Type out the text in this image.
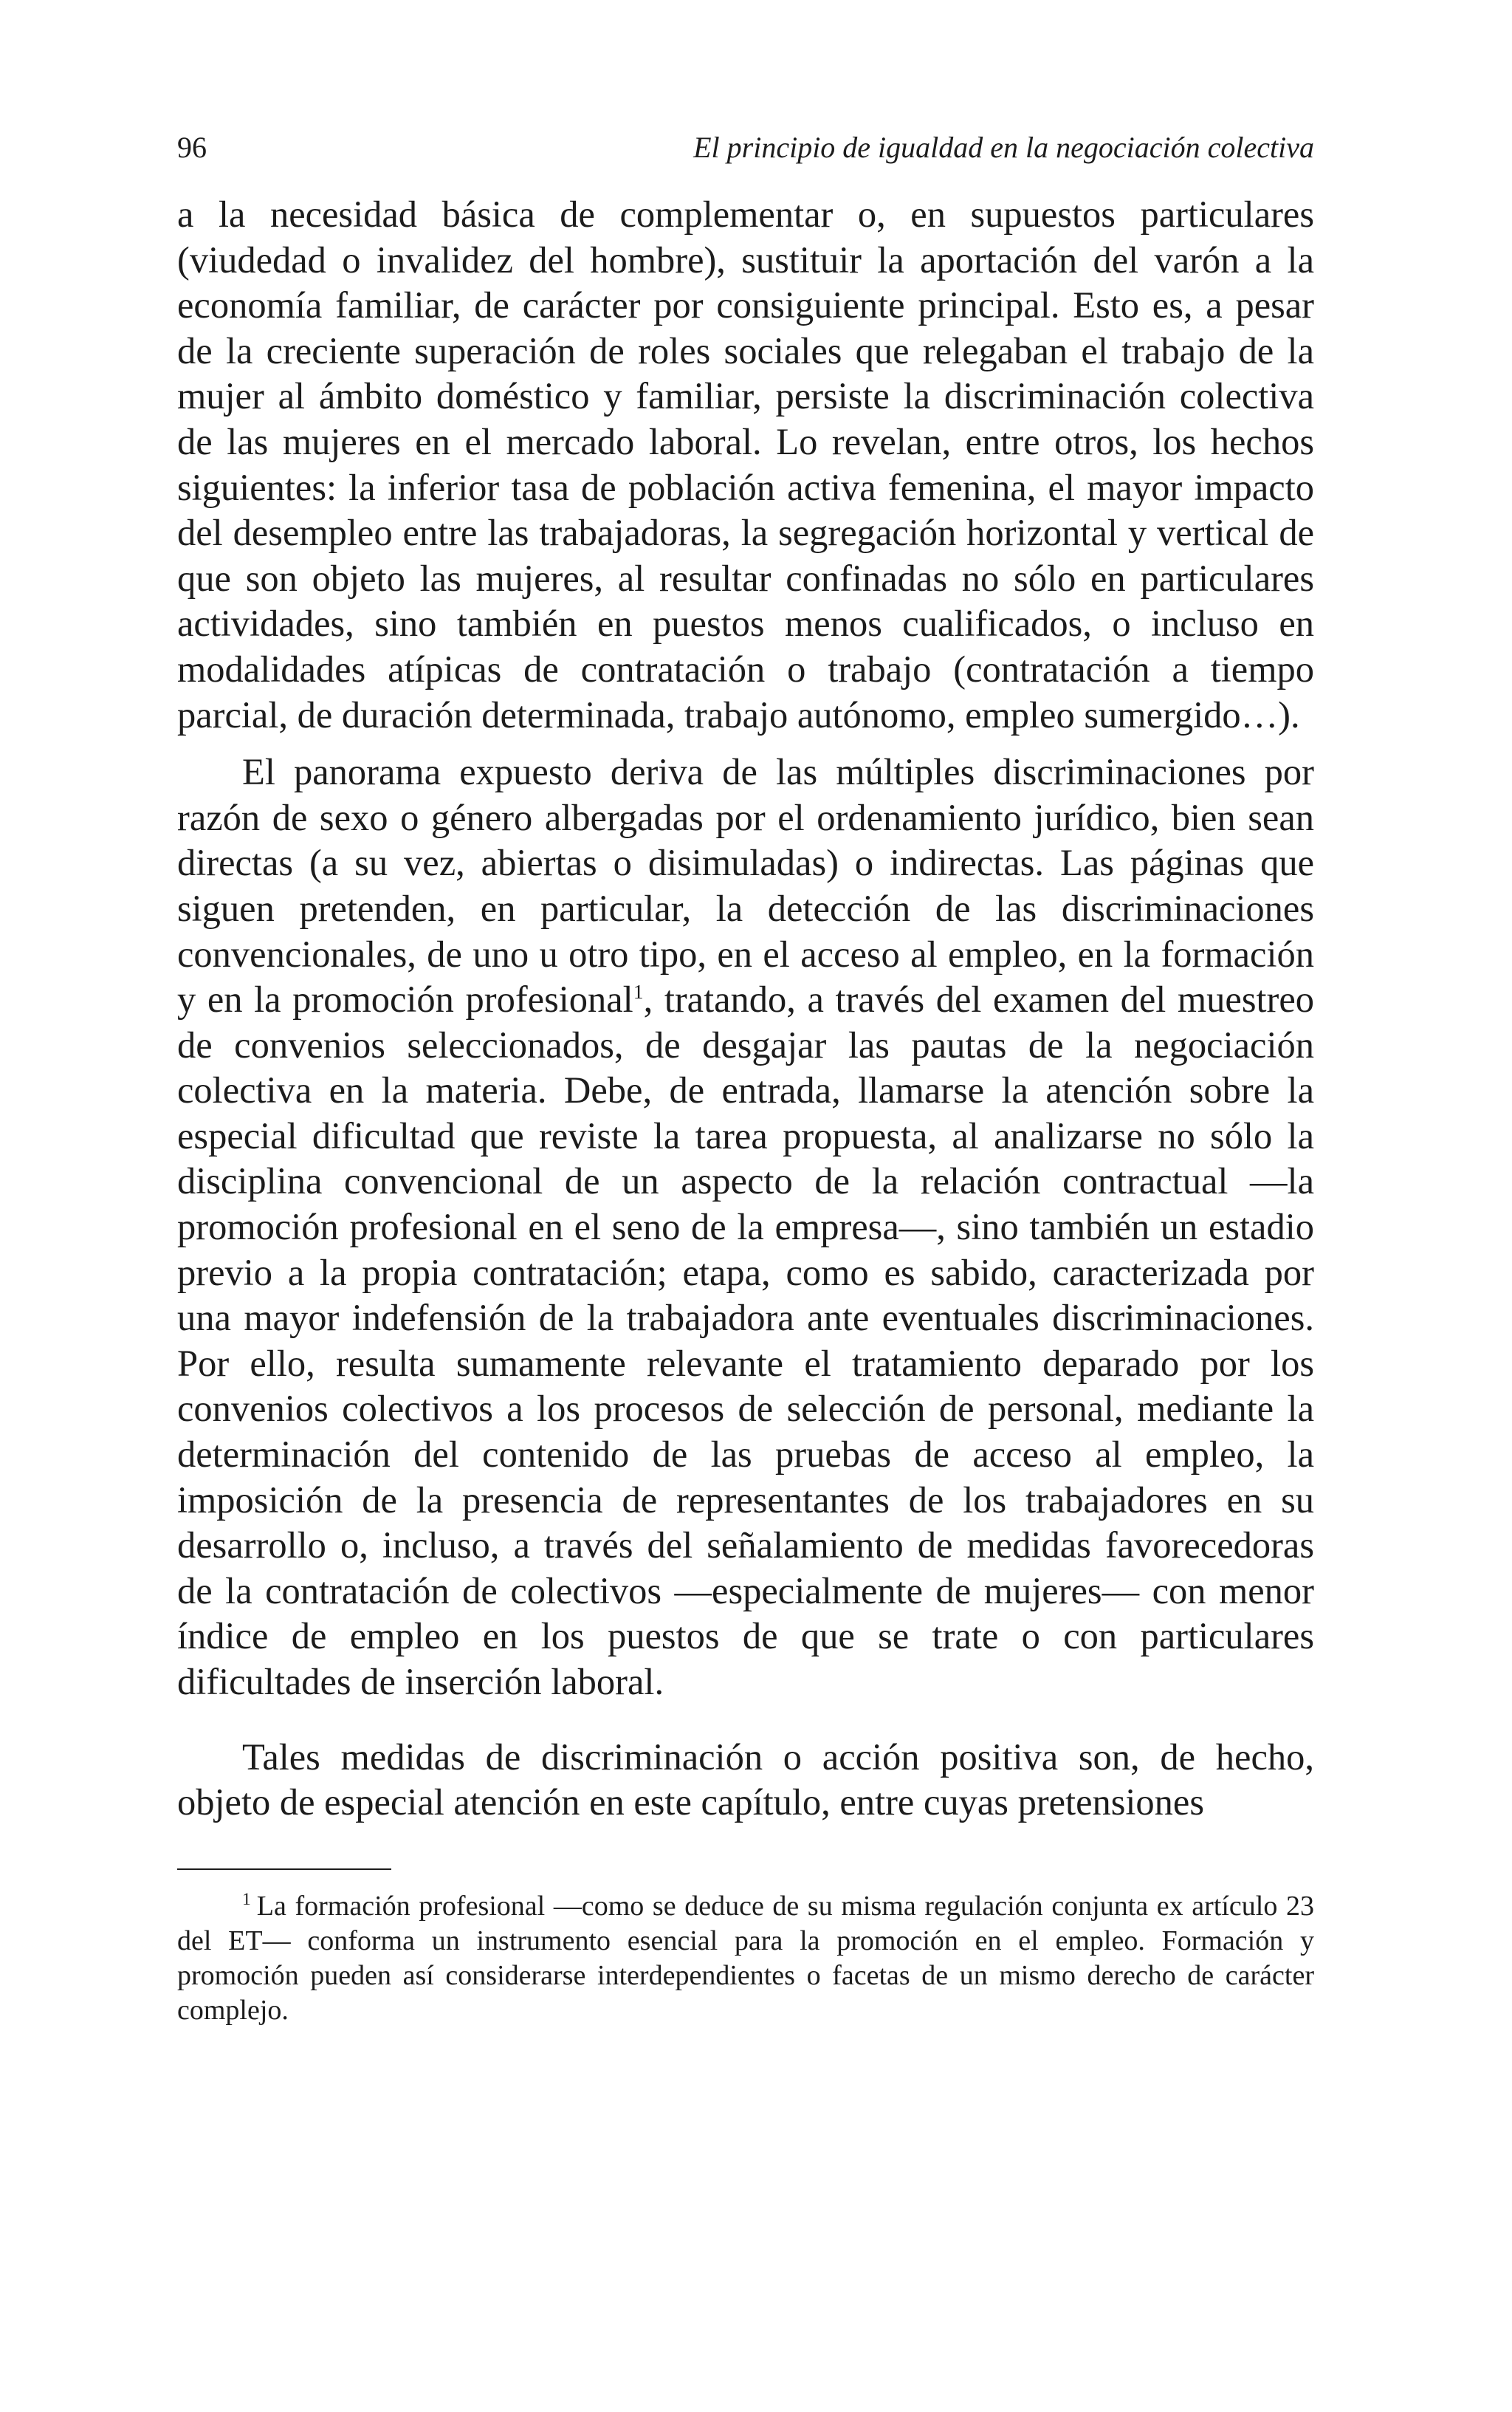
96	El principio de igualdad en la negociación colectiva

a la necesidad básica de complementar o, en supuestos particulares (viudedad o invalidez del hombre), sustituir la aportación del varón a la economía familiar, de carácter por consiguiente principal. Esto es, a pesar de la creciente superación de roles sociales que relegaban el trabajo de la mujer al ámbito doméstico y familiar, persiste la discriminación colectiva de las mujeres en el mercado laboral. Lo revelan, entre otros, los hechos siguientes: la inferior tasa de población activa femenina, el mayor impacto del desempleo entre las trabajadoras, la segregación horizontal y vertical de que son objeto las mujeres, al resultar confinadas no sólo en particulares actividades, sino también en puestos menos cualificados, o incluso en modalidades atípicas de contratación o trabajo (contratación a tiempo parcial, de duración determinada, trabajo autónomo, empleo sumergido…).

El panorama expuesto deriva de las múltiples discriminaciones por razón de sexo o género albergadas por el ordenamiento jurídico, bien sean directas (a su vez, abiertas o disimuladas) o indirectas. Las páginas que siguen pretenden, en particular, la detección de las discriminaciones convencionales, de uno u otro tipo, en el acceso al empleo, en la formación y en la promoción profesional$^1$, tratando, a través del examen del muestreo de convenios seleccionados, de desgajar las pautas de la negociación colectiva en la materia. Debe, de entrada, llamarse la atención sobre la especial dificultad que reviste la tarea propuesta, al analizarse no sólo la disciplina convencional de un aspecto de la relación contractual —la promoción profesional en el seno de la empresa—, sino también un estadio previo a la propia contratación; etapa, como es sabido, caracterizada por una mayor indefensión de la trabajadora ante eventuales discriminaciones. Por ello, resulta sumamente relevante el tratamiento deparado por los convenios colectivos a los procesos de selección de personal, mediante la determinación del contenido de las pruebas de acceso al empleo, la imposición de la presencia de representantes de los trabajadores en su desarrollo o, incluso, a través del señalamiento de medidas favorecedoras de la contratación de colectivos —especialmente de mujeres— con menor índice de empleo en los puestos de que se trate o con particulares dificultades de inserción laboral.

Tales medidas de discriminación o acción positiva son, de hecho, objeto de especial atención en este capítulo, entre cuyas pretensiones

$^1$ La formación profesional —como se deduce de su misma regulación conjunta ex artículo 23 del ET— conforma un instrumento esencial para la promoción en el empleo. Formación y promoción pueden así considerarse interdependientes o facetas de un mismo derecho de carácter complejo.
